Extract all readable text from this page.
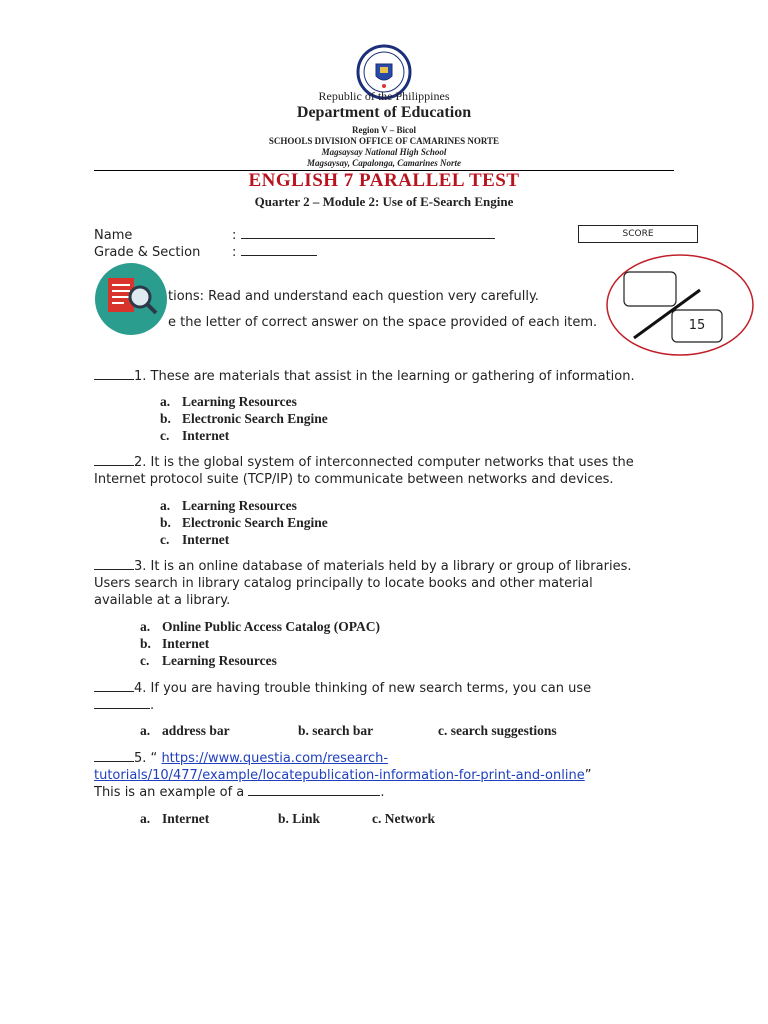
Republic of the Philippines
Department of Education
Region V – Bicol
SCHOOLS DIVISION OFFICE OF CAMARINES NORTE
Magsaysay National High School
Magsaysay, Capalonga, Camarines Norte
ENGLISH 7 PARALLEL TEST
Quarter 2 – Module 2: Use of E-Search Engine
Name	:
Grade & Section :
SCORE
15
tions: Read and understand each question very carefully.
e the letter of correct answer on the space provided of each item.
1. These are materials that assist in the learning or gathering of information.
a. Learning Resources
b. Electronic Search Engine
c. Internet
2. It is the global system of interconnected computer networks that uses the
Internet protocol suite (TCP/IP) to communicate between networks and devices.
a. Learning Resources
b. Electronic Search Engine
c. Internet
3. It is an online database of materials held by a library or group of libraries.
Users search in library catalog principally to locate books and other material
available at a library.
a. Online Public Access Catalog (OPAC)
b. Internet
c. Learning Resources
4. If you are having trouble thinking of new search terms, you can use
.
a. address bar	b. search bar	c. search suggestions
5. “ https://www.questia.com/research-
tutorials/10/477/example/locatepublication-information-for-print-and-online”
This is an example of a	.
a. Internet	b. Link	c. Network
